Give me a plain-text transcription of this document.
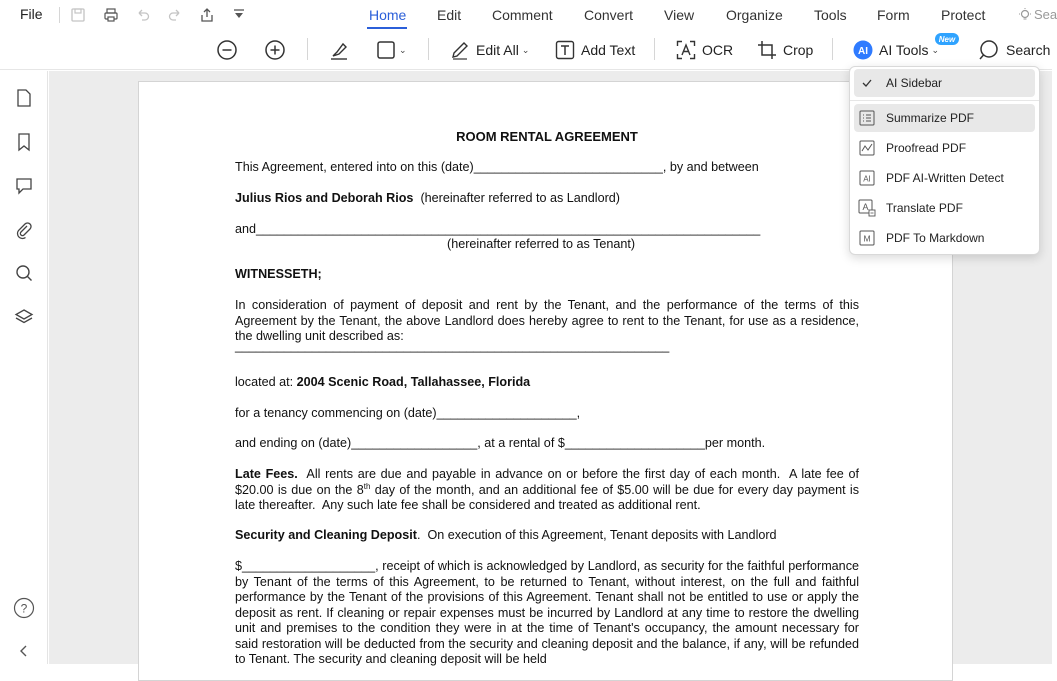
File	Home Edit Comment Convert View Organize Tools Form Protect	Sea
⌄	Edit All ⌄	Add Text	OCR	Crop	AI AI Tools ⌄	Search
New
?
ROOM RENTAL AGREEMENT
This Agreement, entered into on this (date)___________________________, by and between
Julius Rios and Deborah Rios  (hereinafter referred to as Landlord)
and________________________________________________________________________
(hereinafter referred to as Tenant)
WITNESSETH;
In consideration of payment of deposit and rent by the Tenant, and the performance of the terms of this Agreement by the Tenant, the above Landlord does hereby agree to rent to the Tenant, for use as a residence, the dwelling unit described as:
______________________________________________________________
located at: 2004 Scenic Road, Tallahassee, Florida
for a tenancy commencing on (date)____________________,
and ending on (date)__________________, at a rental of $____________________per month.
Late Fees.  All rents are due and payable in advance on or before the first day of each month.  A late fee of $20.00 is due on the 8th day of the month, and an additional fee of $5.00 will be due for every day payment is late thereafter.  Any such late fee shall be considered and treated as additional rent.
Security and Cleaning Deposit.  On execution of this Agreement, Tenant deposits with Landlord
$___________________, receipt of which is acknowledged by Landlord, as security for the faithful performance by Tenant of the terms of this Agreement, to be returned to Tenant, without interest, on the full and faithful performance by the Tenant of the provisions of this Agreement. Tenant shall not be entitled to use or apply the deposit as rent. If cleaning or repair expenses must be incurred by Landlord at any time to restore the dwelling unit and premises to the condition they were in at the time of Tenant's occupancy, the amount necessary for said restoration will be deducted from the security and cleaning deposit and the balance, if any, will be refunded to Tenant. The security and cleaning deposit will be held
AI Sidebar
Summarize PDF
Proofread PDF
AI PDF AI-Written Detect
A Translate PDF
M PDF To Markdown
